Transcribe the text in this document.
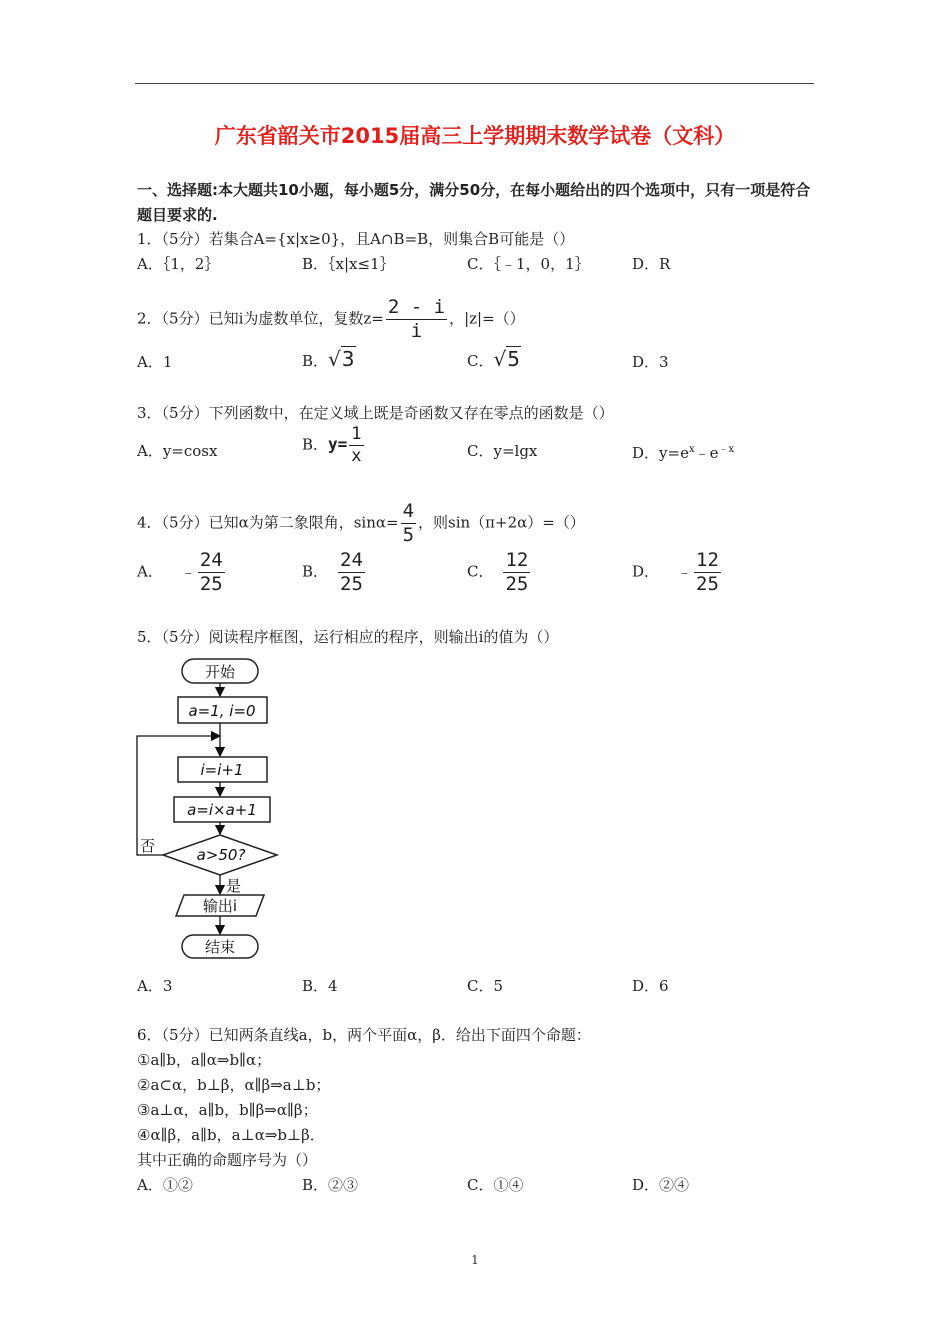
广东省韶关市2015届高三上学期期末数学试卷（文科）
一、选择题:本大题共10小题，每小题5分，满分50分，在每小题给出的四个选项中，只有一项是符合题目要求的.
1．（5分）若集合A={x|x≥0}，且A∩B=B，则集合B可能是（）
A．｛1，2｝	B．｛x|x≤1｝	C．｛﹣1，0，1｝	D．R
2．（5分）已知i为虚数单位，复数$z= \frac{2 - i}{i}$ ，|z|=（）
A．1	B．√3	C．√5	D．3
3．（5分）下列函数中，在定义域上既是奇函数又存在零点的函数是（）
A．y=cosx	B．$y= \frac{1}{x}$	C．y=lgx	D．$y=e^x﹣e^{﹣x}$
4．（5分）已知α为第二象限角，$\sin\alpha= \frac{4}{5}$ ，则sin（π+2α）=（）
A． ﹣ $\frac{24}{25}$	B． $\frac{24}{25}$	C． $\frac{12}{25}$	D． ﹣ $\frac{12}{25}$
5．（5分）阅读程序框图，运行相应的程序，则输出i的值为（）
开始
a=1, i=0
i=i+1
a=i×a+1
a>50?
否
是
输出i
结束
A．3	B．4	C．5	D．6
6．（5分）已知两条直线a，b，两个平面α，β．给出下面四个命题：
①a∥b，a∥α⇒b∥α；
②a⊂α，b⊥β，α∥β⇒a⊥b；
③a⊥α，a∥b，b∥β⇒α∥β；
④α∥β，a∥b，a⊥α⇒b⊥β．
其中正确的命题序号为（）
A．①②	B．②③	C．①④	D．②④
1
